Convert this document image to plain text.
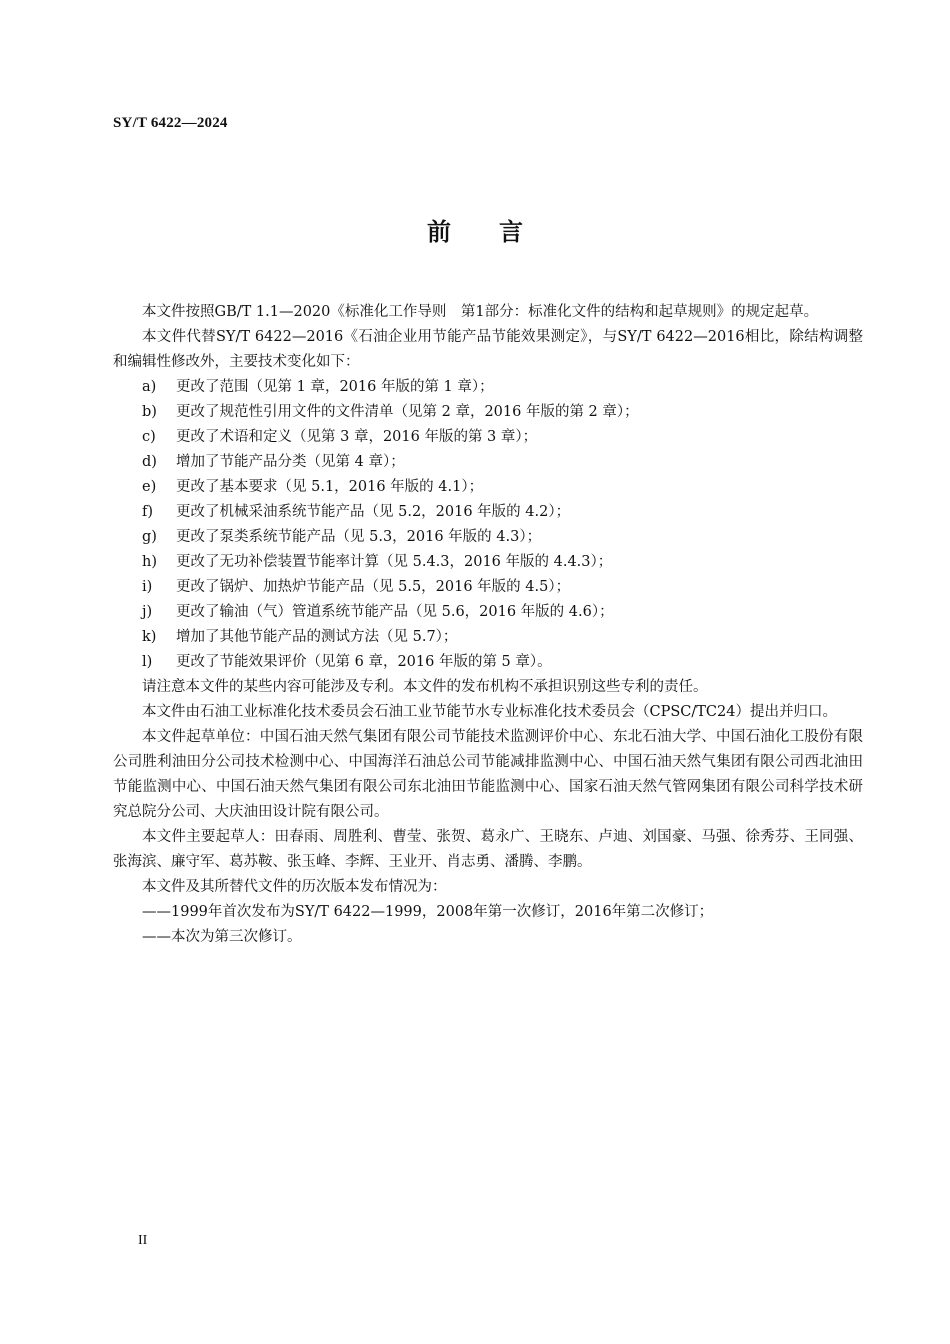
SY/T 6422—2024
前言

本文件按照GB/T 1.1—2020《标准化工作导则　第1部分：标准化文件的结构和起草规则》的规定起草。

本文件代替SY/T 6422—2016《石油企业用节能产品节能效果测定》，与SY/T 6422—2016相比，除结构调整和编辑性修改外，主要技术变化如下：

a) 更改了范围（见第 1 章，2016 年版的第 1 章）；

b) 更改了规范性引用文件的文件清单（见第 2 章，2016 年版的第 2 章）；

c) 更改了术语和定义（见第 3 章，2016 年版的第 3 章）；

d) 增加了节能产品分类（见第 4 章）；

e) 更改了基本要求（见 5.1，2016 年版的 4.1）；

f) 更改了机械采油系统节能产品（见 5.2，2016 年版的 4.2）；

g) 更改了泵类系统节能产品（见 5.3，2016 年版的 4.3）；

h) 更改了无功补偿装置节能率计算（见 5.4.3，2016 年版的 4.4.3）；

i) 更改了锅炉、加热炉节能产品（见 5.5，2016 年版的 4.5）；

j) 更改了输油（气）管道系统节能产品（见 5.6，2016 年版的 4.6）；

k) 增加了其他节能产品的测试方法（见 5.7）；

l) 更改了节能效果评价（见第 6 章，2016 年版的第 5 章）。

请注意本文件的某些内容可能涉及专利。本文件的发布机构不承担识别这些专利的责任。

本文件由石油工业标准化技术委员会石油工业节能节水专业标准化技术委员会（CPSC/TC24）提出并归口。

本文件起草单位：中国石油天然气集团有限公司节能技术监测评价中心、东北石油大学、中国石油化工股份有限公司胜利油田分公司技术检测中心、中国海洋石油总公司节能减排监测中心、中国石油天然气集团有限公司西北油田节能监测中心、中国石油天然气集团有限公司东北油田节能监测中心、国家石油天然气管网集团有限公司科学技术研究总院分公司、大庆油田设计院有限公司。

本文件主要起草人：田春雨、周胜利、曹莹、张贺、葛永广、王晓东、卢迪、刘国豪、马强、徐秀芬、王同强、张海滨、廉守军、葛苏鞍、张玉峰、李辉、王业开、肖志勇、潘腾、李鹏。

本文件及其所替代文件的历次版本发布情况为：

——1999年首次发布为SY/T 6422—1999，2008年第一次修订，2016年第二次修订；

——本次为第三次修订。

II
